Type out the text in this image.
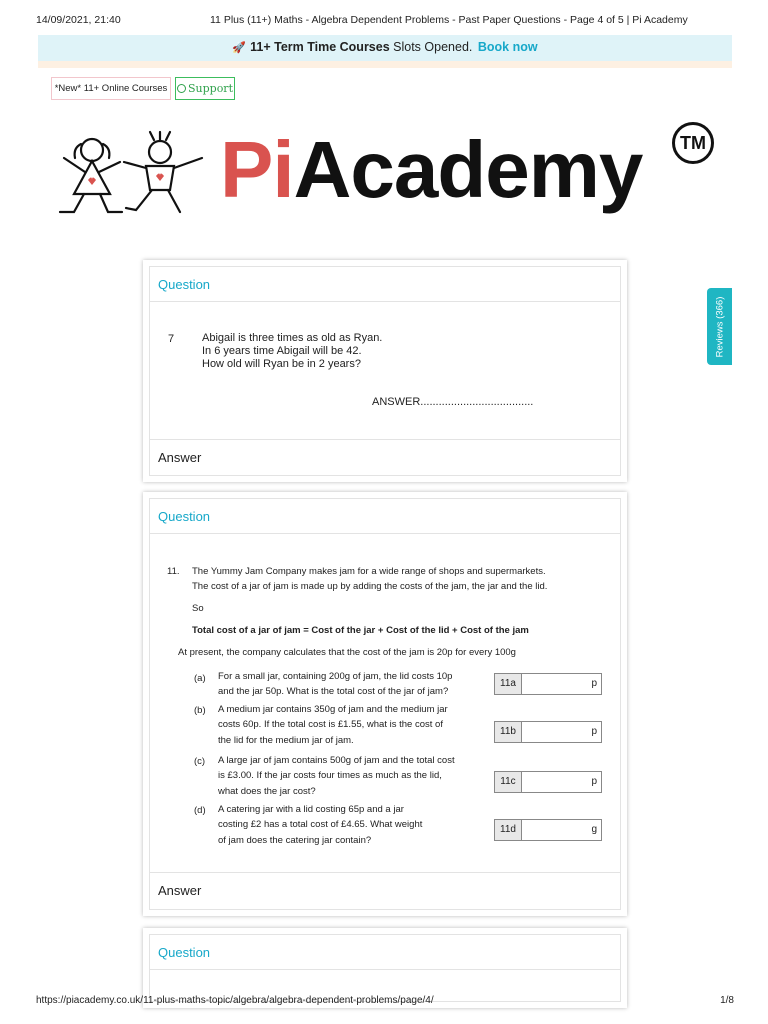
14/09/2021, 21:40	11 Plus (11+) Maths - Algebra Dependent Problems - Past Paper Questions - Page 4 of 5 | Pi Academy
🚀 11+ Term Time Courses Slots Opened. Book now
*New* 11+ Online Courses	Support
PiAcademy	TM
Reviews (366)
Question
7	Abigail is three times as old as Ryan.
In 6 years time Abigail will be 42.
How old will Ryan be in 2 years?
ANSWER.....................................
Answer
Question
11. The Yummy Jam Company makes jam for a wide range of shops and supermarkets.
The cost of a jar of jam is made up by adding the costs of the jam, the jar and the lid.
So
Total cost of a jar of jam = Cost of the jar + Cost of the lid + Cost of the jam
At present, the company calculates that the cost of the jam is 20p for every 100g
(a) For a small jar, containing 200g of jam, the lid costs 10p
and the jar 50p. What is the total cost of the jar of jam?
11a	p
(b) A medium jar contains 350g of jam and the medium jar
costs 60p. If the total cost is £1.55, what is the cost of
the lid for the medium jar of jam.
11b	p
(c) A large jar of jam contains 500g of jam and the total cost
is £3.00. If the jar costs four times as much as the lid,
what does the jar cost?
11c	p
(d) A catering jar with a lid costing 65p and a jar
costing £2 has a total cost of £4.65. What weight
of jam does the catering jar contain?
11d	g
Answer
Question
https://piacademy.co.uk/11-plus-maths-topic/algebra/algebra-dependent-problems/page/4/	1/8
